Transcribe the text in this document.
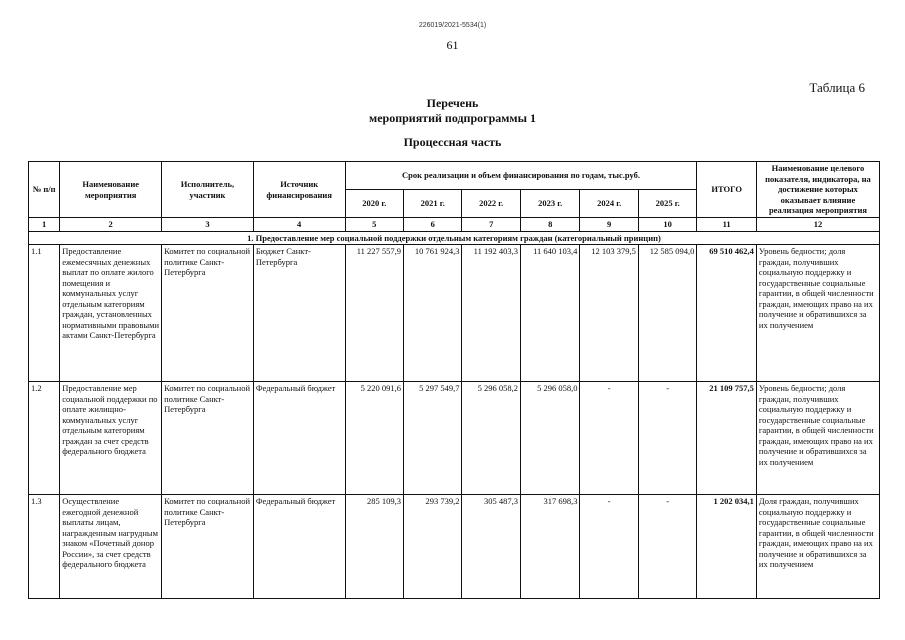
226019/2021-5534(1)
61
Таблица 6
Перечень
мероприятий подпрограммы 1
Процессная часть
№ п/п	Наименование мероприятия	Исполнитель, участник	Источник финансирования	Срок реализации и объем финансирования по годам, тыс.руб.						ИТОГО	Наименование целевого показателя, индикатора, на достижение которых оказывает влияние реализация мероприятия
				2020 г.	2021 г.	2022 г.	2023 г.	2024 г.	2025 г.		
1	2	3	4	5	6	7	8	9	10	11	12
1. Предоставление мер социальной поддержки отдельным категориям граждан (категориальный принцип)											
1.1	Предоставление ежемесячных денежных выплат по оплате жилого помещения и коммунальных услуг отдельным категориям граждан, установленных нормативными правовыми актами Санкт-Петербурга	Комитет по социальной политике Санкт-Петербурга	Бюджет Санкт-Петербурга	11 227 557,9	10 761 924,3	11 192 403,3	11 640 103,4	12 103 379,5	12 585 094,0	69 510 462,4	Уровень бедности; доля граждан, получивших социальную поддержку и государственные социальные гарантии, в общей численности граждан, имеющих право на их получение и обратившихся за их получением
1.2	Предоставление мер социальной поддержки по оплате жилищно-коммунальных услуг отдельным категориям граждан за счет средств федерального бюджета	Комитет по социальной политике Санкт-Петербурга	Федеральный бюджет	5 220 091,6	5 297 549,7	5 296 058,2	5 296 058,0	-	-	21 109 757,5	Уровень бедности; доля граждан, получивших социальную поддержку и государственные социальные гарантии, в общей численности граждан, имеющих право на их получение и обратившихся за их получением
1.3	Осуществление ежегодной денежной выплаты лицам, награжденным нагрудным знаком «Почетный донор России», за счет средств федерального бюджета	Комитет по социальной политике Санкт-Петербурга	Федеральный бюджет	285 109,3	293 739,2	305 487,3	317 698,3	-	-	1 202 034,1	Доля граждан, получивших социальную поддержку и государственные социальные гарантии, в общей численности граждан, имеющих право на их получение и обратившихся за их получением
